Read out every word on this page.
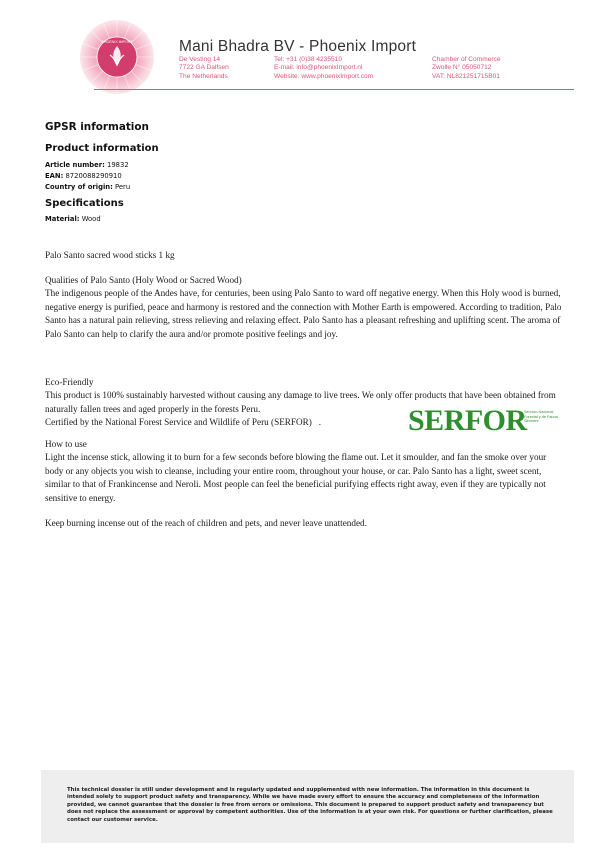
PHOENIX IMPORT	Mani Bhadra BV - Phoenix Import
De Vesting 14
7722 GA Dalfsen
The Netherlands
Tel: +31 (0)38 4235510
E-mail: info@phoenixImport.nl
Website: www.phoenixImport.com
Chamber of Commerce
Zwolle N° 05050712
VAT: NL821251715B01
GPSR information
Product information
Article number: 19832
EAN: 8720088290910
Country of origin: Peru
Specifications
Material: Wood
Palo Santo sacred wood sticks 1 kg
Qualities of Palo Santo (Holy Wood or Sacred Wood)
The indigenous people of the Andes have, for centuries, been using Palo Santo to ward off negative energy. When this Holy wood is burned, negative energy is purified, peace and harmony is restored and the connection with Mother Earth is empowered. According to tradition, Palo Santo has a natural pain relieving, stress relieving and relaxing effect. Palo Santo has a pleasant refreshing and uplifting scent. The aroma of Palo Santo can help to clarify the aura and/or promote positive feelings and joy.
Eco-Friendly
This product is 100% sustainably harvested without causing any damage to live trees. We only offer products that have been obtained from naturally fallen trees and aged properly in the forests Peru.
Certified by the National Forest Service and Wildlife of Peru (SERFOR)   .	SERFOR
Servicio Nacional Forestal y de Fauna Silvestre
How to use
Light the incense stick, allowing it to burn for a few seconds before blowing the flame out. Let it smoulder, and fan the smoke over your body or any objects you wish to cleanse, including your entire room, throughout your house, or car. Palo Santo has a light, sweet scent, similar to that of Frankincense and Neroli. Most people can feel the beneficial purifying effects right away, even if they are typically not sensitive to energy.
Keep burning incense out of the reach of children and pets, and never leave unattended.
This technical dossier is still under development and is regularly updated and supplemented with new information. The information in this document is intended solely to support product safety and transparency. While we have made every effort to ensure the accuracy and completeness of the information provided, we cannot guarantee that the dossier is free from errors or omissions. This document is prepared to support product safety and transparency but does not replace the assessment or approval by competent authorities. Use of the information is at your own risk. For questions or further clarification, please contact our customer service.
